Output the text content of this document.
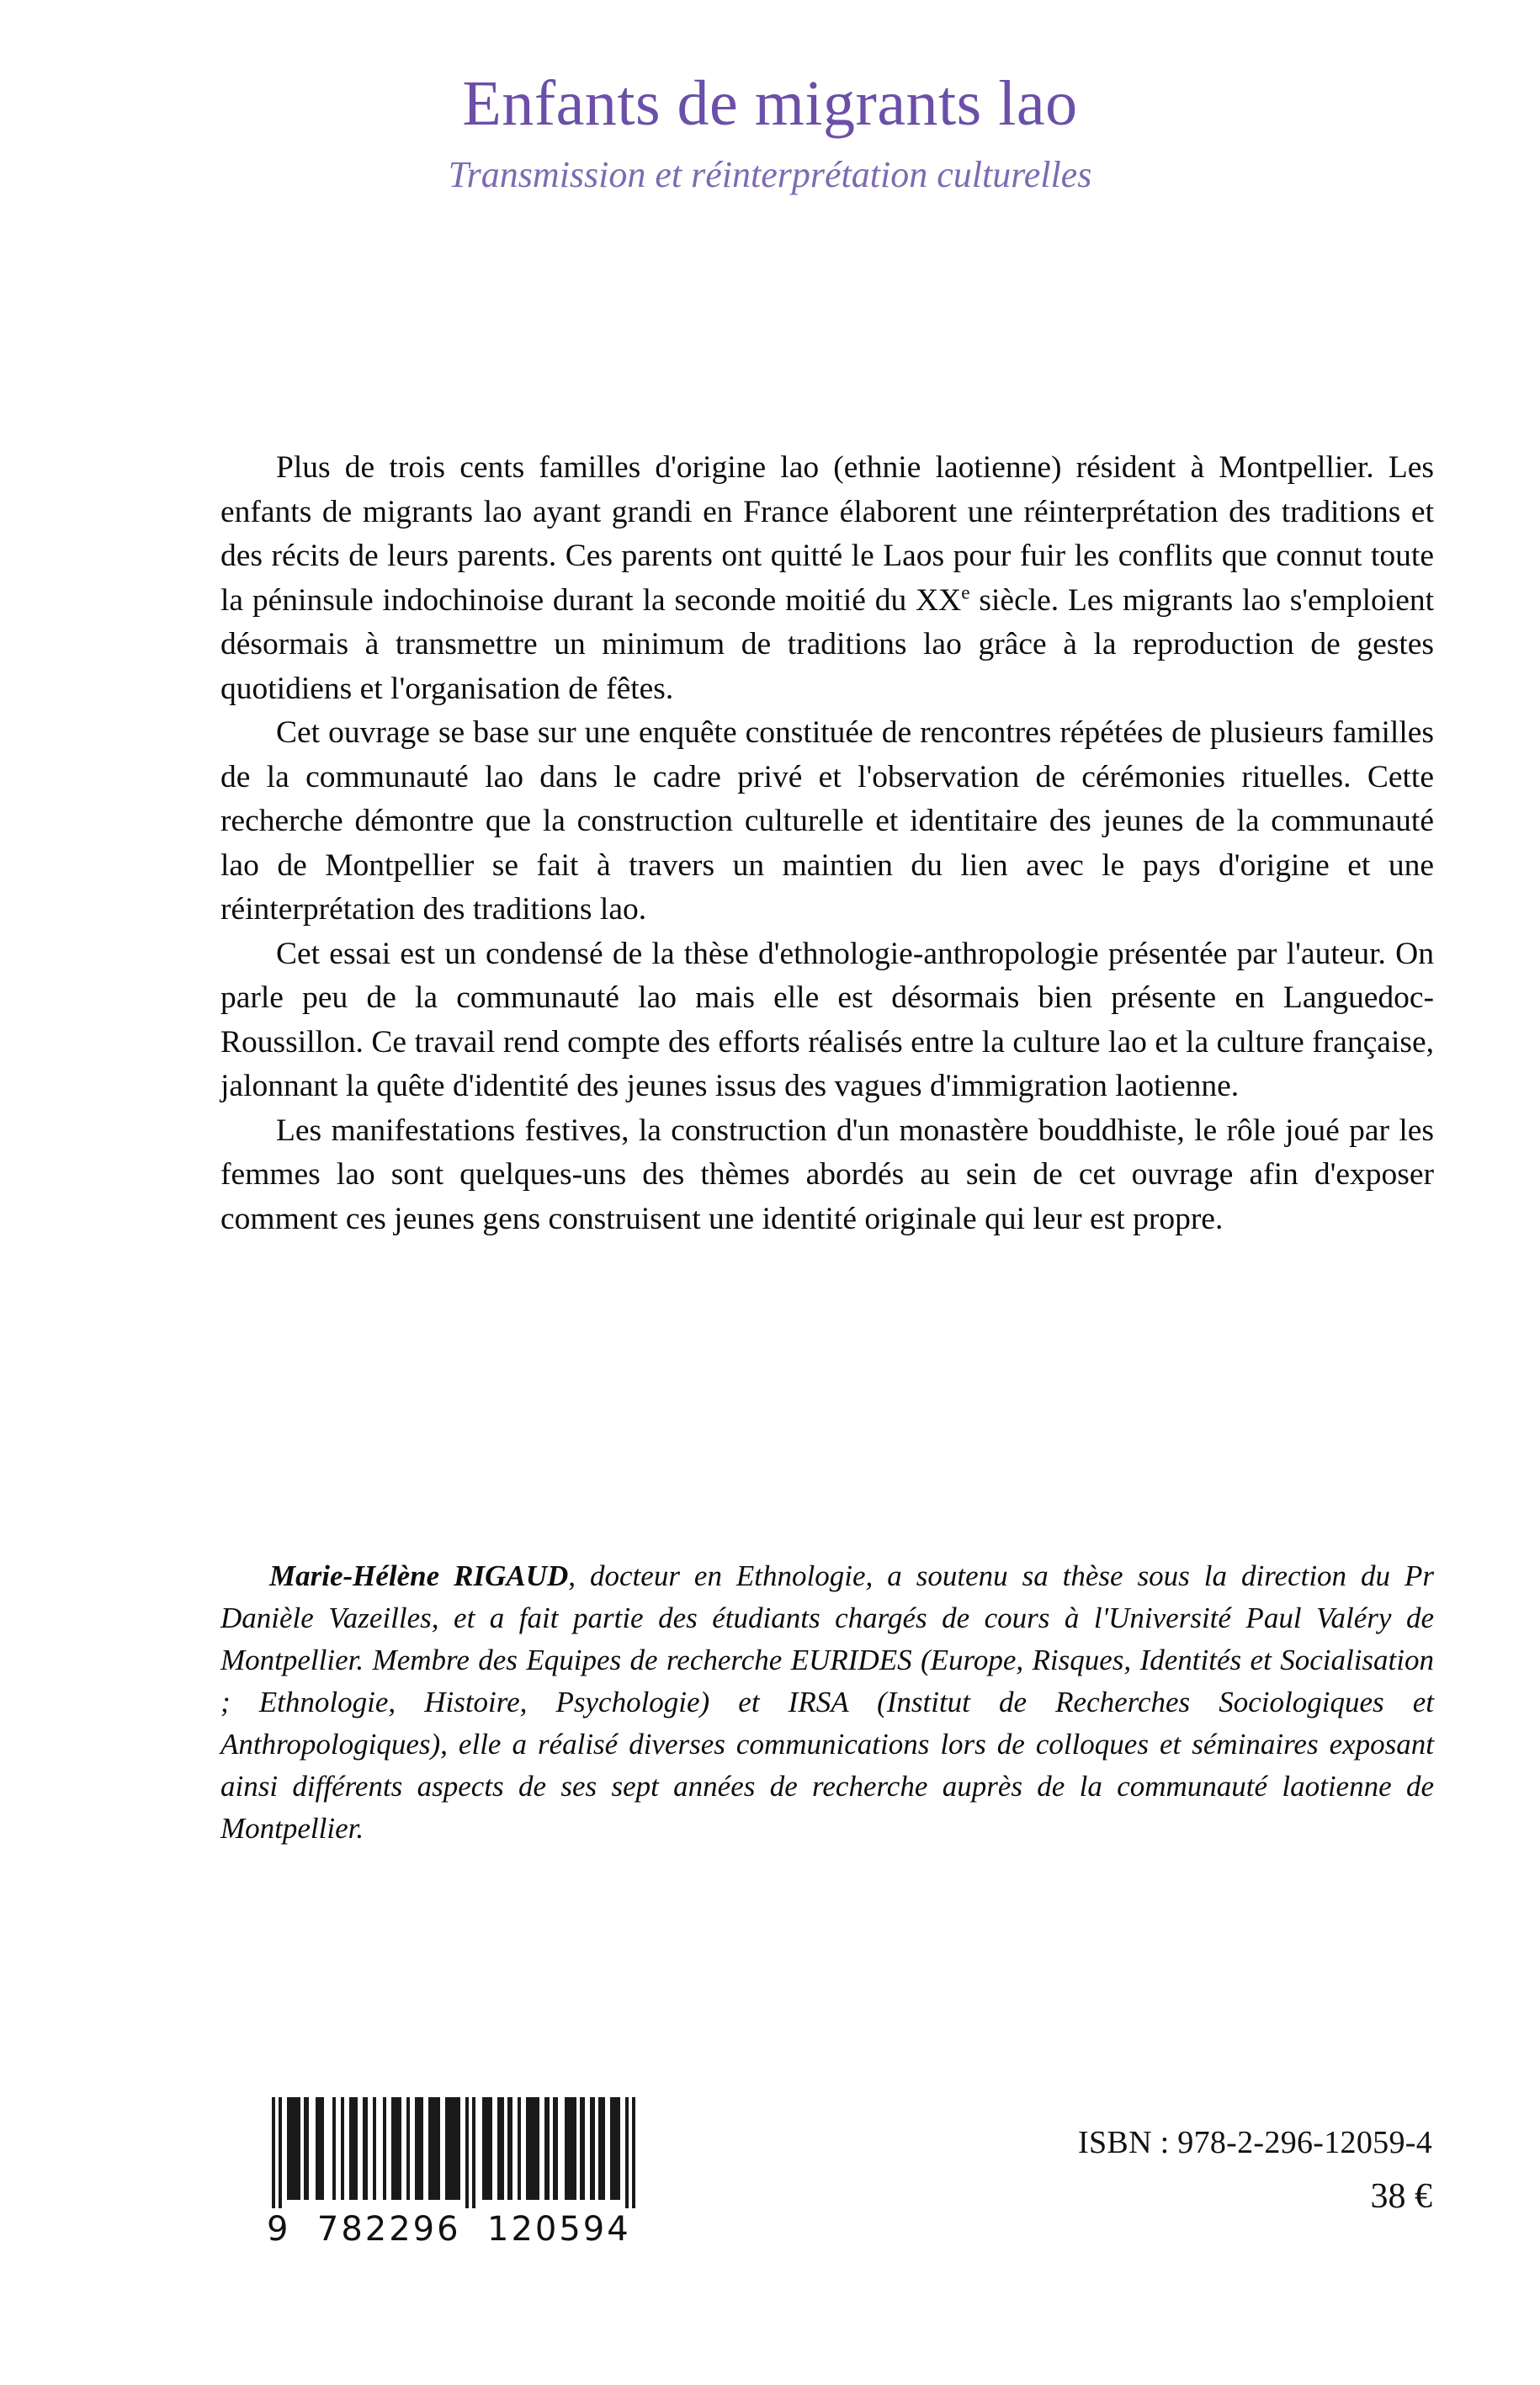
Enfants de migrants lao
Transmission et réinterprétation culturelles

Plus de trois cents familles d'origine lao (ethnie laotienne) résident à Montpellier. Les enfants de migrants lao ayant grandi en France élaborent une réinterprétation des traditions et des récits de leurs parents. Ces parents ont quitté le Laos pour fuir les conflits que connut toute la péninsule indochinoise durant la seconde moitié du XXe siècle. Les migrants lao s'emploient désormais à transmettre un minimum de traditions lao grâce à la reproduction de gestes quotidiens et l'organisation de fêtes.

Cet ouvrage se base sur une enquête constituée de rencontres répétées de plusieurs familles de la communauté lao dans le cadre privé et l'observation de cérémonies rituelles. Cette recherche démontre que la construction culturelle et identitaire des jeunes de la communauté lao de Montpellier se fait à travers un maintien du lien avec le pays d'origine et une réinterprétation des traditions lao.

Cet essai est un condensé de la thèse d'ethnologie-anthropologie présentée par l'auteur. On parle peu de la communauté lao mais elle est désormais bien présente en Languedoc-Roussillon. Ce travail rend compte des efforts réalisés entre la culture lao et la culture française, jalonnant la quête d'identité des jeunes issus des vagues d'immigration laotienne.

Les manifestations festives, la construction d'un monastère bouddhiste, le rôle joué par les femmes lao sont quelques-uns des thèmes abordés au sein de cet ouvrage afin d'exposer comment ces jeunes gens construisent une identité originale qui leur est propre.

Marie-Hélène RIGAUD, docteur en Ethnologie, a soutenu sa thèse sous la direction du Pr Danièle Vazeilles, et a fait partie des étudiants chargés de cours à l'Université Paul Valéry de Montpellier. Membre des Equipes de recherche EURIDES (Europe, Risques, Identités et Socialisation ; Ethnologie, Histoire, Psychologie) et IRSA (Institut de Recherches Sociologiques et Anthropologiques), elle a réalisé diverses communications lors de colloques et séminaires exposant ainsi différents aspects de ses sept années de recherche auprès de la communauté laotienne de Montpellier.

9  782296  120594
ISBN : 978-2-296-12059-4
38 €
